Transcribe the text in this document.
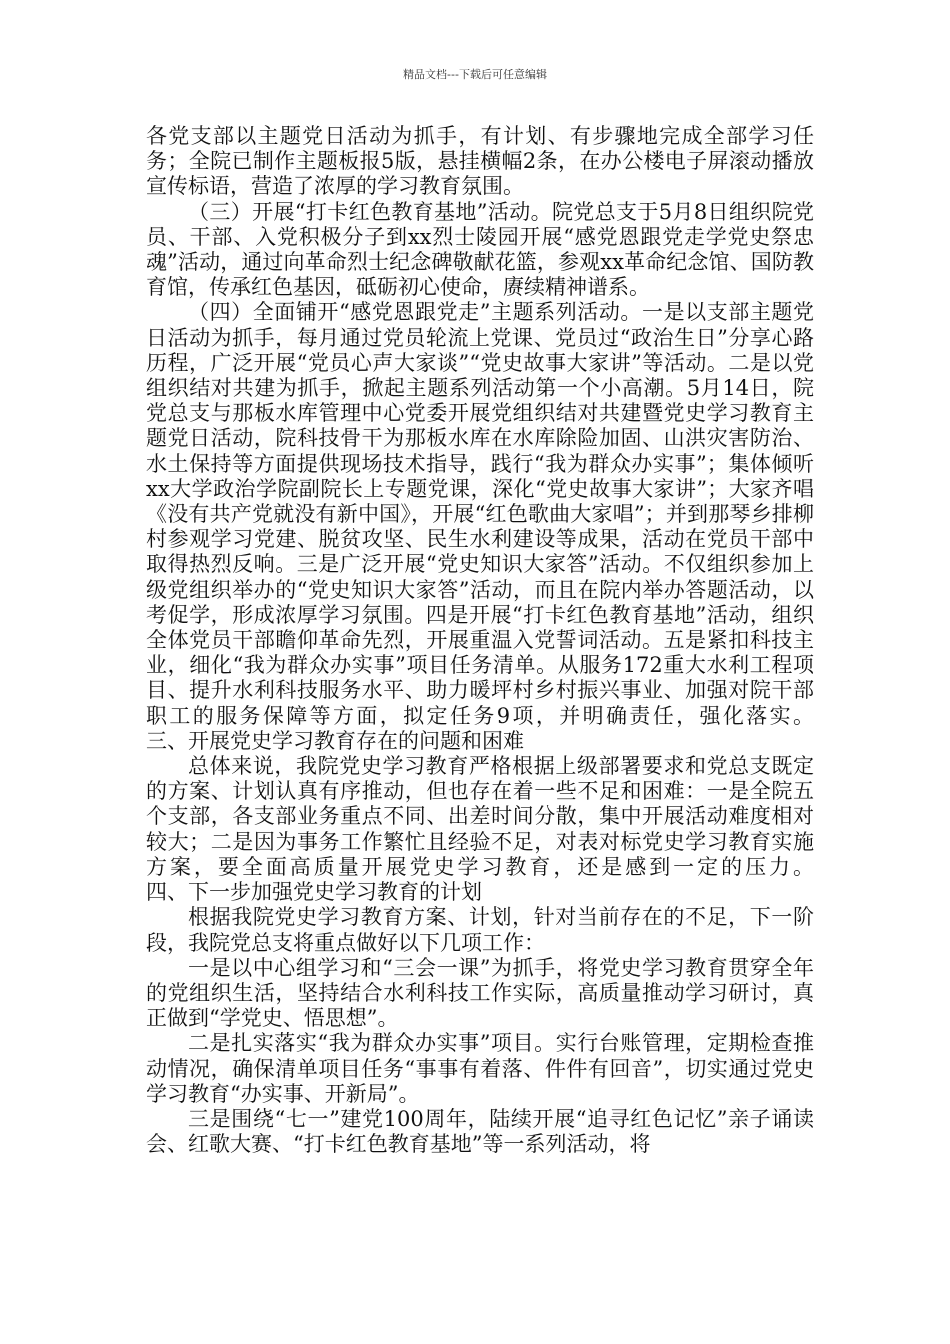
精品文档---下载后可任意编辑

各党支部以主题党日活动为抓手，有计划、有步骤地完成全部学习任务；全院已制作主题板报5版，悬挂横幅2条，在办公楼电子屏滚动播放宣传标语，营造了浓厚的学习教育氛围。

（三）开展“打卡红色教育基地”活动。院党总支于5月8日组织院党员、干部、入党积极分子到xx烈士陵园开展“感党恩跟党走学党史祭忠魂”活动，通过向革命烈士纪念碑敬献花篮，参观xx革命纪念馆、国防教育馆，传承红色基因，砥砺初心使命，赓续精神谱系。

（四）全面铺开“感党恩跟党走”主题系列活动。一是以支部主题党日活动为抓手，每月通过党员轮流上党课、党员过“政治生日”分享心路历程，广泛开展“党员心声大家谈”“党史故事大家讲”等活动。二是以党组织结对共建为抓手，掀起主题系列活动第一个小高潮。5月14日，院党总支与那板水库管理中心党委开展党组织结对共建暨党史学习教育主题党日活动，院科技骨干为那板水库在水库除险加固、山洪灾害防治、水土保持等方面提供现场技术指导，践行“我为群众办实事”；集体倾听xx大学政治学院副院长上专题党课，深化“党史故事大家讲”；大家齐唱《没有共产党就没有新中国》，开展“红色歌曲大家唱”；并到那琴乡排柳村参观学习党建、脱贫攻坚、民生水利建设等成果，活动在党员干部中取得热烈反响。三是广泛开展“党史知识大家答”活动。不仅组织参加上级党组织举办的“党史知识大家答”活动，而且在院内举办答题活动，以考促学，形成浓厚学习氛围。四是开展“打卡红色教育基地”活动，组织全体党员干部瞻仰革命先烈，开展重温入党誓词活动。五是紧扣科技主业，细化“我为群众办实事”项目任务清单。从服务172重大水利工程项目、提升水利科技服务水平、助力暖坪村乡村振兴事业、加强对院干部职工的服务保障等方面，拟定任务9项，并明确责任，强化落实。        三、开展党史学习教育存在的问题和困难

总体来说，我院党史学习教育严格根据上级部署要求和党总支既定的方案、计划认真有序推动，但也存在着一些不足和困难：一是全院五个支部，各支部业务重点不同、出差时间分散，集中开展活动难度相对较大；二是因为事务工作繁忙且经验不足，对表对标党史学习教育实施方案，要全面高质量开展党史学习教育，还是感到一定的压力。      四、下一步加强党史学习教育的计划

根据我院党史学习教育方案、计划，针对当前存在的不足，下一阶段，我院党总支将重点做好以下几项工作：

一是以中心组学习和“三会一课”为抓手，将党史学习教育贯穿全年的党组织生活，坚持结合水利科技工作实际，高质量推动学习研讨，真正做到“学党史、悟思想”。

二是扎实落实“我为群众办实事”项目。实行台账管理，定期检查推动情况，确保清单项目任务“事事有着落、件件有回音”，切实通过党史学习教育“办实事、开新局”。

三是围绕“七一”建党100周年，陆续开展“追寻红色记忆”亲子诵读会、红歌大赛、“打卡红色教育基地”等一系列活动，将
